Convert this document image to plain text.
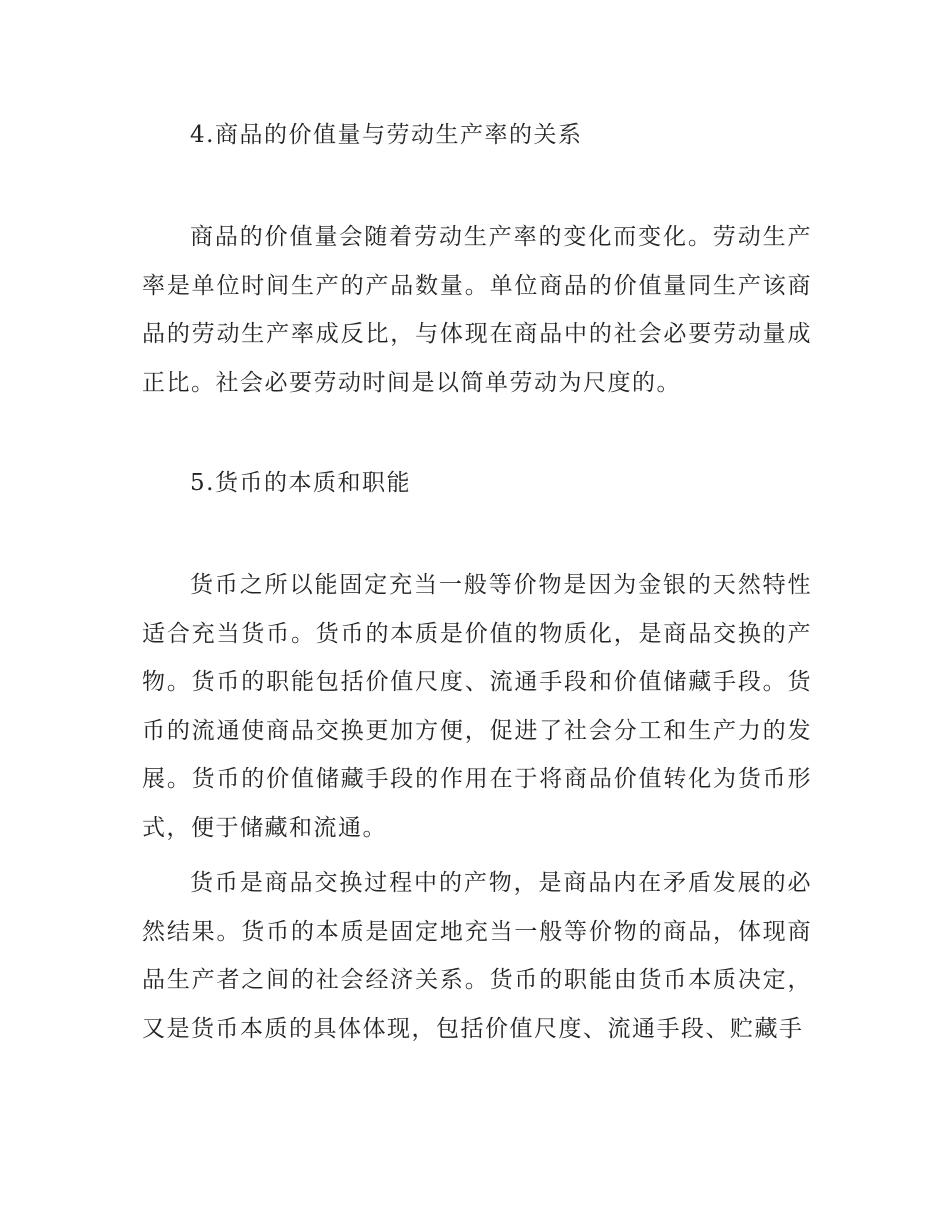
4.商品的价值量与劳动生产率的关系

商品的价值量会随着劳动生产率的变化而变化。劳动生产率是单位时间生产的产品数量。单位商品的价值量同生产该商品的劳动生产率成反比，与体现在商品中的社会必要劳动量成正比。社会必要劳动时间是以简单劳动为尺度的。

5.货币的本质和职能

货币之所以能固定充当一般等价物是因为金银的天然特性适合充当货币。货币的本质是价值的物质化，是商品交换的产物。货币的职能包括价值尺度、流通手段和价值储藏手段。货币的流通使商品交换更加方便，促进了社会分工和生产力的发展。货币的价值储藏手段的作用在于将商品价值转化为货币形式，便于储藏和流通。

货币是商品交换过程中的产物，是商品内在矛盾发展的必然结果。货币的本质是固定地充当一般等价物的商品，体现商品生产者之间的社会经济关系。货币的职能由货币本质决定，又是货币本质的具体体现，包括价值尺度、流通手段、贮藏手
